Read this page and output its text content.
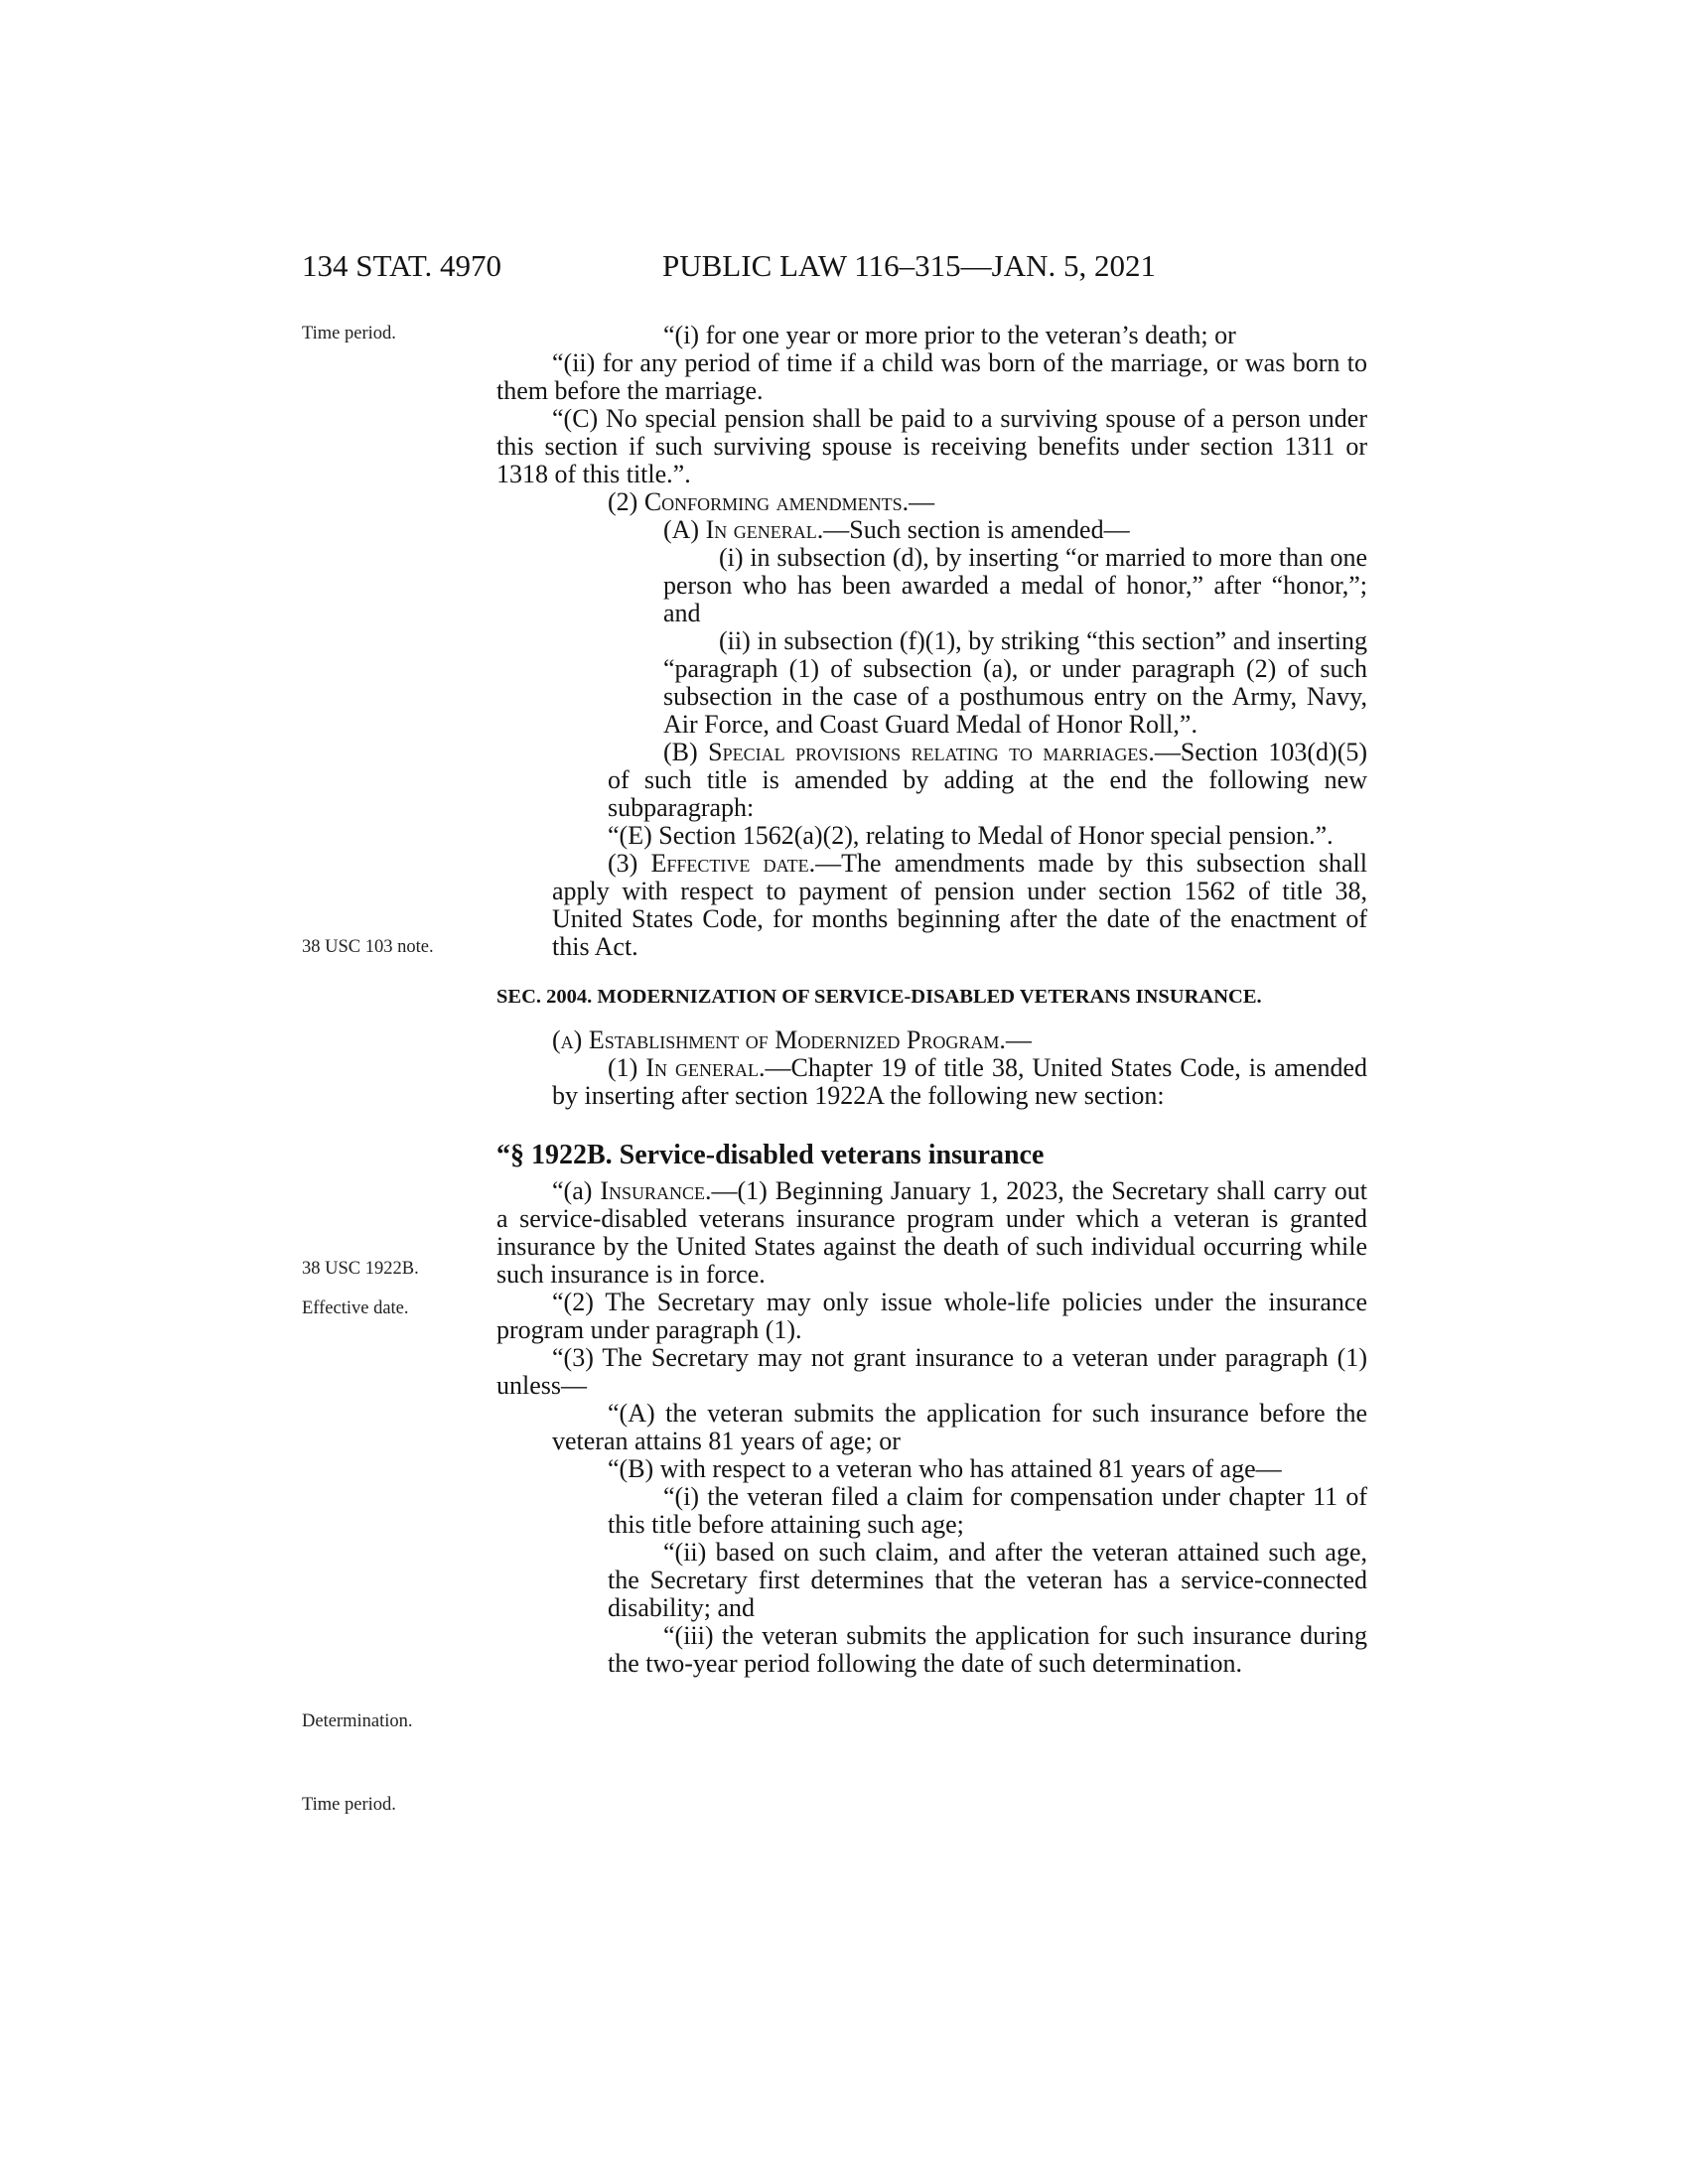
134 STAT. 4970	PUBLIC LAW 116–315—JAN. 5, 2021
Time period.
38 USC 103 note.
38 USC 1922B.
Effective date.
Determination.
Time period.
“(i) for one year or more prior to the veteran’s death; or
“(ii) for any period of time if a child was born of the marriage, or was born to them before the marriage.
“(C) No special pension shall be paid to a surviving spouse of a person under this section if such surviving spouse is receiving benefits under section 1311 or 1318 of this title.”.
(2) Conforming amendments.—
(A) In general.—Such section is amended—
(i) in subsection (d), by inserting “or married to more than one person who has been awarded a medal of honor,” after “honor,”; and
(ii) in subsection (f)(1), by striking “this section” and inserting “paragraph (1) of subsection (a), or under paragraph (2) of such subsection in the case of a posthumous entry on the Army, Navy, Air Force, and Coast Guard Medal of Honor Roll,”.
(B) Special provisions relating to marriages.—Section 103(d)(5) of such title is amended by adding at the end the following new subparagraph:
“(E) Section 1562(a)(2), relating to Medal of Honor special pension.”.
(3) Effective date.—The amendments made by this subsection shall apply with respect to payment of pension under section 1562 of title 38, United States Code, for months beginning after the date of the enactment of this Act.
SEC. 2004. MODERNIZATION OF SERVICE-DISABLED VETERANS INSURANCE.
(a) Establishment of Modernized Program.—
(1) In general.—Chapter 19 of title 38, United States Code, is amended by inserting after section 1922A the following new section:
“§ 1922B. Service-disabled veterans insurance
“(a) Insurance.—(1) Beginning January 1, 2023, the Secretary shall carry out a service-disabled veterans insurance program under which a veteran is granted insurance by the United States against the death of such individual occurring while such insurance is in force.
“(2) The Secretary may only issue whole-life policies under the insurance program under paragraph (1).
“(3) The Secretary may not grant insurance to a veteran under paragraph (1) unless—
“(A) the veteran submits the application for such insurance before the veteran attains 81 years of age; or
“(B) with respect to a veteran who has attained 81 years of age—
“(i) the veteran filed a claim for compensation under chapter 11 of this title before attaining such age;
“(ii) based on such claim, and after the veteran attained such age, the Secretary first determines that the veteran has a service-connected disability; and
“(iii) the veteran submits the application for such insurance during the two-year period following the date of such determination.
